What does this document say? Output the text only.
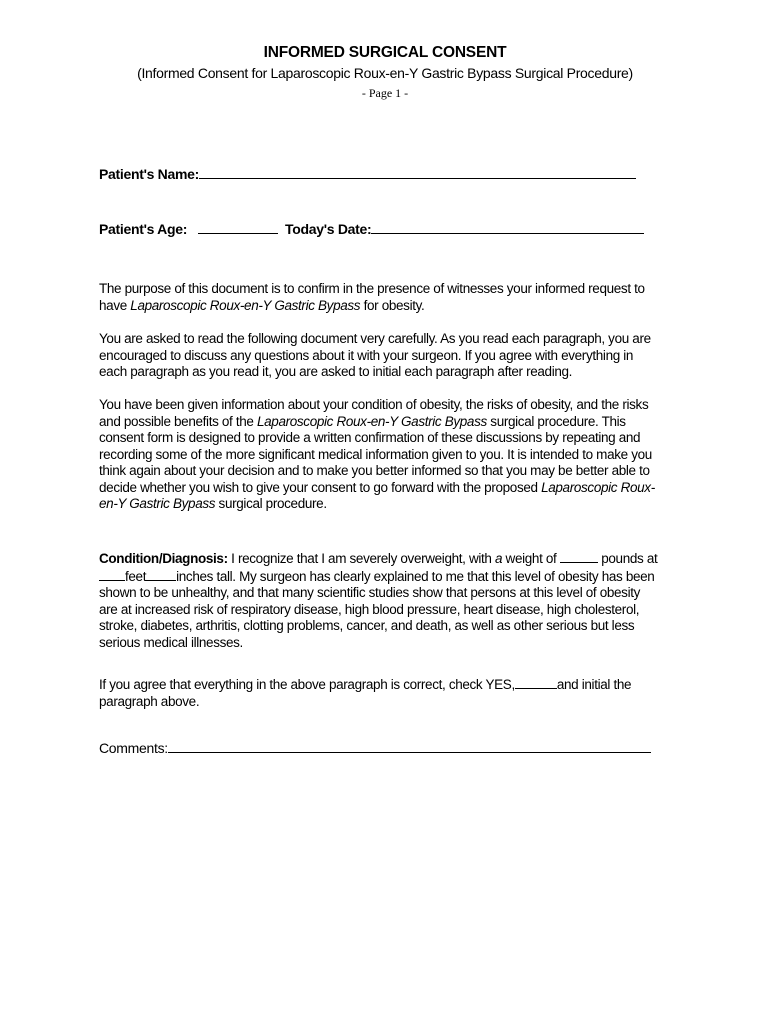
INFORMED SURGICAL CONSENT
(Informed Consent for Laparoscopic Roux-en-Y Gastric Bypass Surgical Procedure)
- Page 1 -
Patient's Name:
Patient's Age:	Today's Date:
The purpose of this document is to confirm in the presence of witnesses your informed request to have Laparoscopic Roux-en-Y Gastric Bypass for obesity.
You are asked to read the following document very carefully. As you read each paragraph, you are encouraged to discuss any questions about it with your surgeon. If you agree with everything in each paragraph as you read it, you are asked to initial each paragraph after reading.
You have been given information about your condition of obesity, the risks of obesity, and the risks and possible benefits of the Laparoscopic Roux-en-Y Gastric Bypass surgical procedure. This consent form is designed to provide a written confirmation of these discussions by repeating and recording some of the more significant medical information given to you. It is intended to make you think again about your decision and to make you better informed so that you may be better able to decide whether you wish to give your consent to go forward with the proposed Laparoscopic Roux-en-Y Gastric Bypass surgical procedure.
Condition/Diagnosis: I recognize that I am severely overweight, with a weight of	pounds atfeet inches tall. My surgeon has clearly explained to me that this level of obesity has been shown to be unhealthy, and that many scientific studies show that persons at this level of obesity are at increased risk of respiratory disease, high blood pressure, heart disease, high cholesterol, stroke, diabetes, arthritis, clotting problems, cancer, and death, as well as other serious but less serious medical illnesses.
If you agree that everything in the above paragraph is correct, check YES,	and initial the paragraph above.
Comments:
